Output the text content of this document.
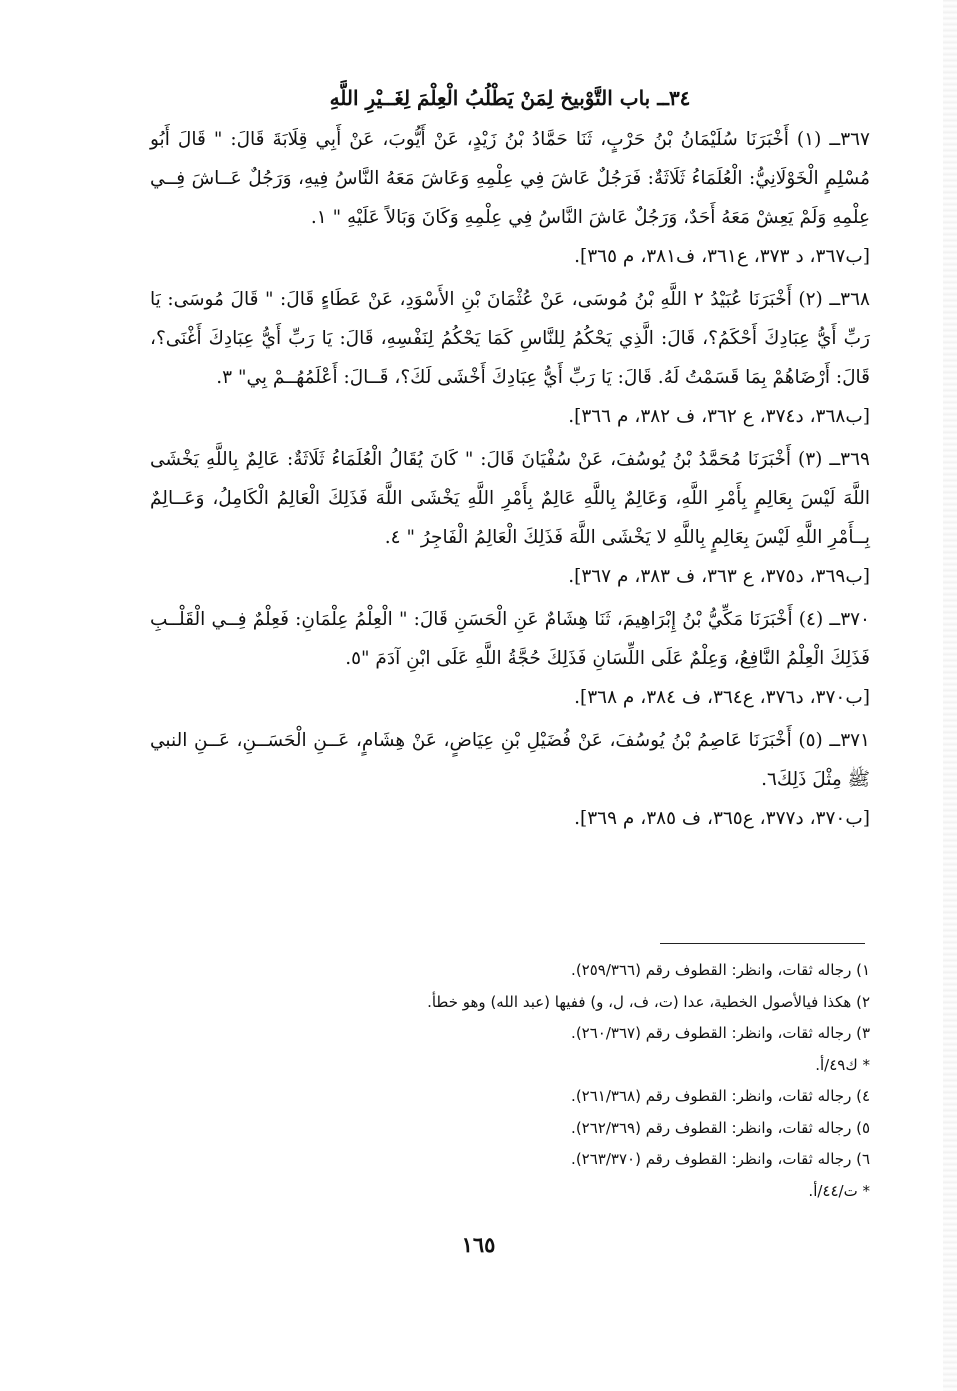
٣٤ــ باب التَّوْبيخ لِمَنْ يَطْلُبُ الْعِلْمَ لِغَــيْرِ اللَّهِ

٣٦٧ــ (١) أَخْبَرَنَا سُلَيْمَانُ بْنُ حَرْبٍ، ثَنَا حَمَّادُ بْنُ زَيْدٍ، عَنْ أَيُّوبَ، عَنْ أَبِي قِلَابَةَ قَالَ: " قَالَ أَبُو مُسْلِمٍ الْخَوْلَانِيُّ: الْعُلَمَاءُ ثَلَاثَةٌ: فَرَجُلٌ عَاشَ فِي عِلْمِهِ وَعَاشَ مَعَهُ النَّاسُ فِيهِ، وَرَجُلٌ عَــاشَ فِــي عِلْمِهِ وَلَمْ يَعِشْ مَعَهُ أَحَدٌ، وَرَجُلٌ عَاشَ النَّاسُ فِي عِلْمِهِ وَكَانَ وَبَالاً عَلَيْهِ " ١.

[ب٣٦٧، د ٣٧٣، ع٣٦١، ف٣٨١، م ٣٦٥].

٣٦٨ــ (٢) أَخْبَرَنَا عُبَيْدُ ٢ اللَّهِ بْنُ مُوسَى، عَنْ عُثْمَانَ بْنِ الأَسْوَدِ، عَنْ عَطَاءٍ قَالَ: " قَالَ مُوسَى: يَا رَبِّ أَيُّ عِبَادِكَ أَحْكَمُ؟، قَالَ: الَّذِي يَحْكُمُ لِلنَّاسِ كَمَا يَحْكُمُ لِنَفْسِهِ، قَالَ: يَا رَبِّ أَيُّ عِبَادِكَ أَغْنَى؟، قَالَ: أَرْضَاهُمْ بِمَا قَسَمْتُ لَهُ. قَالَ: يَا رَبِّ أَيُّ عِبَادِكَ أَخْشَى لَكَ؟، قَــالَ: أَعْلَمُهُــمْ بِي" ٣.

[ب٣٦٨، د٣٧٤، ع ٣٦٢، ف ٣٨٢، م ٣٦٦].

٣٦٩ــ (٣) أَخْبَرَنَا مُحَمَّدُ بْنُ يُوسُفَ، عَنْ سُفْيَانَ قَالَ: " كَانَ يُقَالُ الْعُلَمَاءُ ثَلَاثَةٌ: عَالِمٌ بِاللَّهِ يَخْشَى اللَّهَ لَيْسَ بِعَالِمٍ بِأَمْرِ اللَّهِ، وَعَالِمٌ بِاللَّهِ عَالِمٌ بِأَمْرِ اللَّهِ يَخْشَى اللَّهَ فَذَلِكَ الْعَالِمُ الْكَامِلُ، وَعَــالِمٌ بِــأَمْرِ اللَّهِ لَيْسَ بِعَالِمٍ بِاللَّهِ لا يَخْشَى اللَّهَ فَذَلِكَ الْعَالِمُ الْفَاجِرُ " ٤.

[ب٣٦٩، د٣٧٥، ع ٣٦٣، ف ٣٨٣، م ٣٦٧].

٣٧٠ــ (٤) أَخْبَرَنَا مَكِّيُّ بْنُ إِبْرَاهِيمَ، ثَنَا هِشَامٌ عَنِ الْحَسَنِ قَالَ: " الْعِلْمُ عِلْمَانِ: فَعِلْمٌ فِــي الْقَلْــبِ فَذَلِكَ الْعِلْمُ النَّافِعُ، وَعِلْمٌ عَلَى اللِّسَانِ فَذَلِكَ حُجَّةُ اللَّهِ عَلَى ابْنِ آدَمَ "٥.

[ب٣٧٠، د٣٧٦، ع٣٦٤، ف ٣٨٤، م ٣٦٨].

٣٧١ــ (٥) أَخْبَرَنَا عَاصِمُ بْنُ يُوسُفَ، عَنْ فُضَيْلِ بْنِ عِيَاضٍ، عَنْ هِشَامٍ، عَــنِ الْحَسَــنِ، عَــنِ النبي ﷺ مِثْلَ ذَلِكَ٦.

[ب٣٧٠، د٣٧٧، ع٣٦٥، ف ٣٨٥، م ٣٦٩].

١) رجاله ثقات، وانظر: القطوف رقم (٢٥٩/٣٦٦).

٢) هكذا فيالأصول الخطية، عدا (ت، ف، ل، و) ففيها (عبد الله) وهو خطأ.

٣) رجاله ثقات، وانظر: القطوف رقم (٢٦٠/٣٦٧).

* ك٤٩/أ.

٤) رجاله ثقات، وانظر: القطوف رقم (٢٦١/٣٦٨).

٥) رجاله ثقات، وانظر: القطوف رقم (٢٦٢/٣٦٩).

٦) رجاله ثقات، وانظر: القطوف رقم (٢٦٣/٣٧٠).

* ت/٤٤/أ.

١٦٥
